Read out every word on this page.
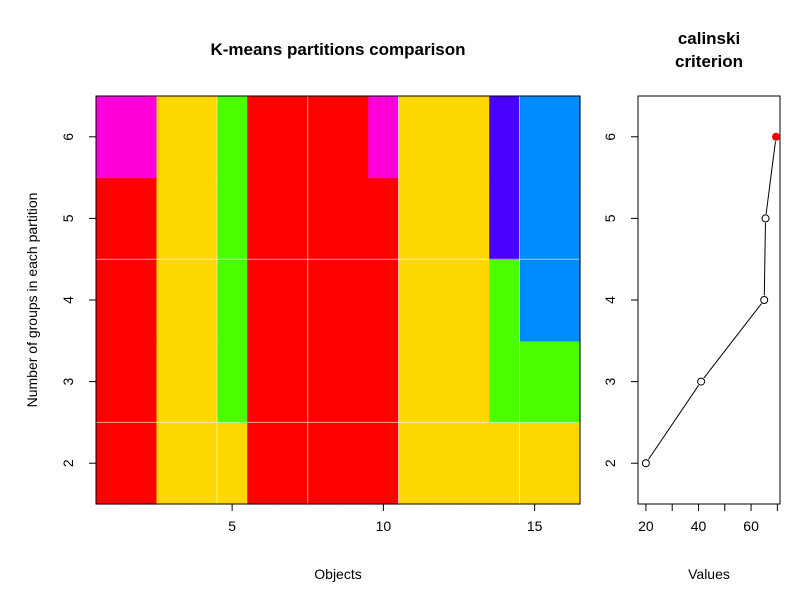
K-means partitions comparison
Objects
Number of groups in each partition
5	10	15
2
3
4
5
6
calinski
criterion
Values
20	40	60
2
3
4
5
6
